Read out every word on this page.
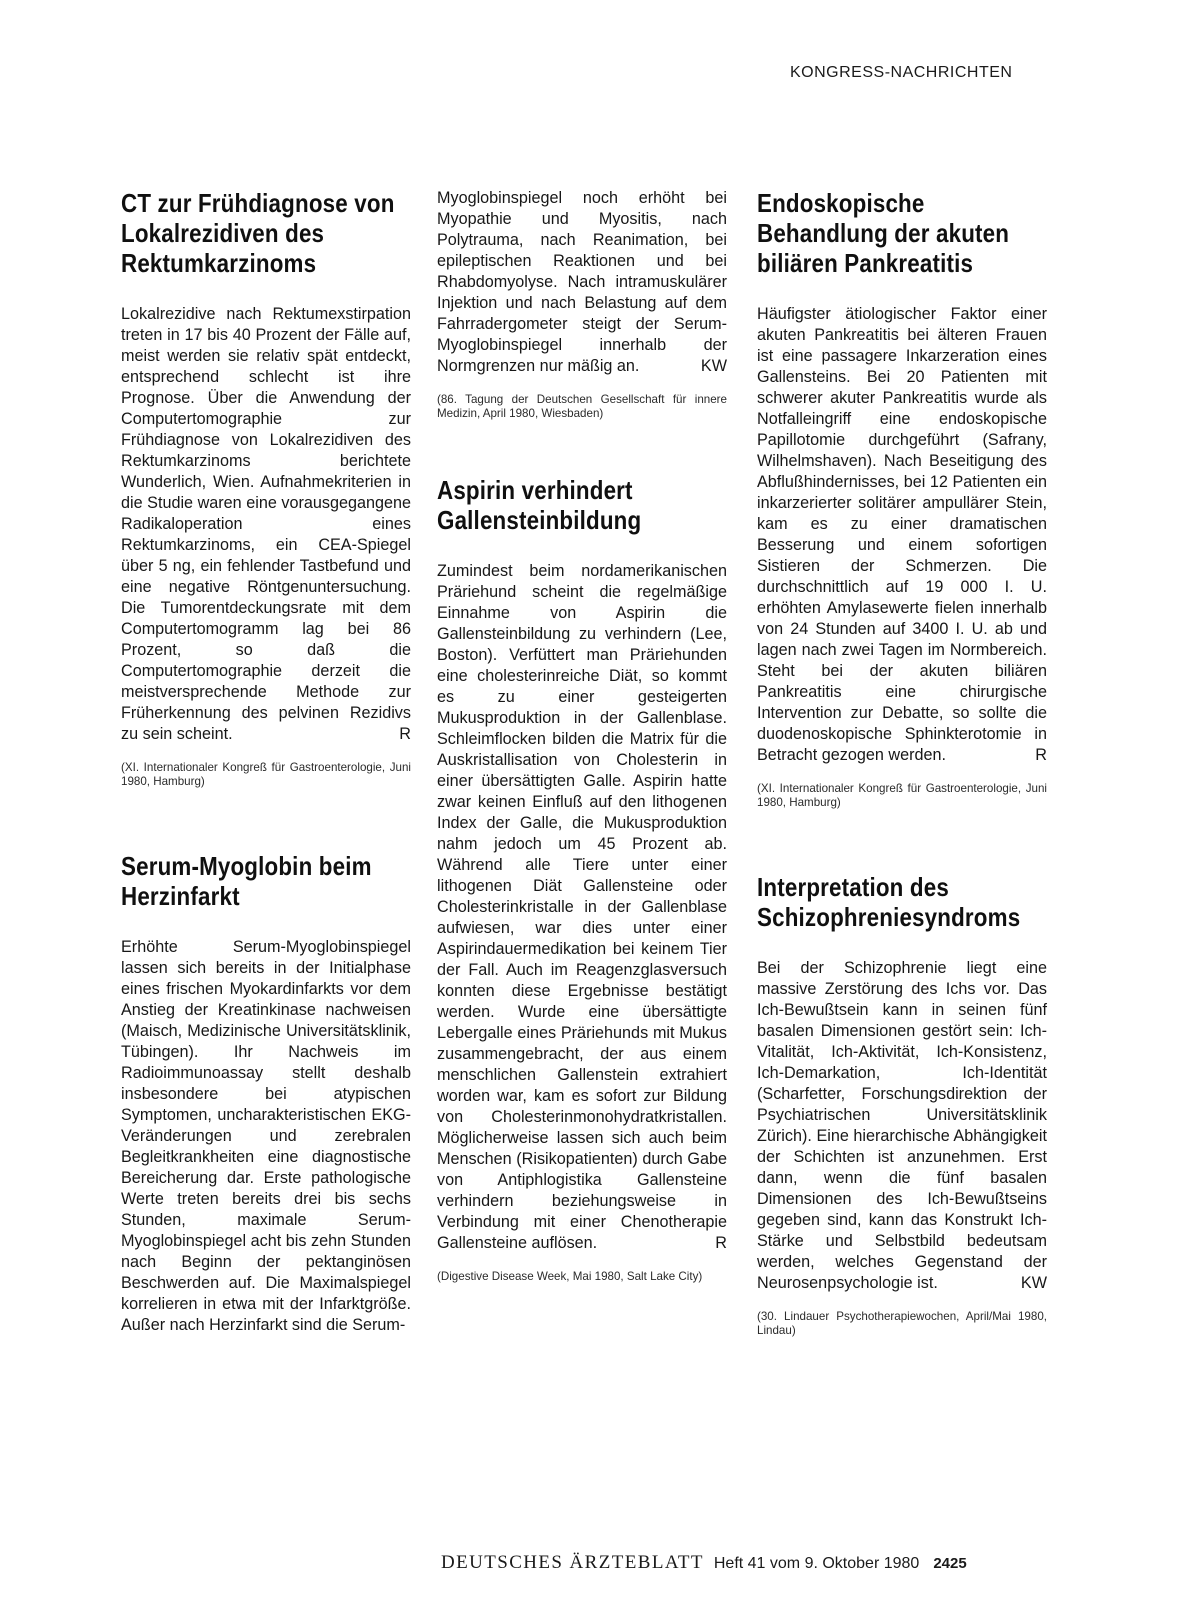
KONGRESS-NACHRICHTEN
CT zur Frühdiagnose von Lokalrezidiven des Rektumkarzinoms

Lokalrezidive nach Rektumexstirpation treten in 17 bis 40 Prozent der Fälle auf, meist werden sie relativ spät entdeckt, entsprechend schlecht ist ihre Prognose. Über die Anwendung der Computertomographie zur Frühdiagnose von Lokalrezidiven des Rektumkarzinoms berichtete Wunderlich, Wien. Aufnahmekriterien in die Studie waren eine vorausgegangene Radikaloperation eines Rektumkarzinoms, ein CEA-Spiegel über 5 ng, ein fehlender Tastbefund und eine negative Röntgenuntersuchung. Die Tumorentdeckungsrate mit dem Computertomogramm lag bei 86 Prozent, so daß die Computertomographie derzeit die meistversprechende Methode zur Früherkennung des pelvinen Rezidivs zu sein scheint.	R

(XI. Internationaler Kongreß für Gastroenterologie, Juni 1980, Hamburg)

Serum-Myoglobin beim Herzinfarkt

Erhöhte Serum-Myoglobinspiegel lassen sich bereits in der Initialphase eines frischen Myokardinfarkts vor dem Anstieg der Kreatinkinase nachweisen (Maisch, Medizinische Universitätsklinik, Tübingen). Ihr Nachweis im Radioimmunoassay stellt deshalb insbesondere bei atypischen Symptomen, uncharakteristischen EKG-Veränderungen und zerebralen Begleitkrankheiten eine diagnostische Bereicherung dar. Erste pathologische Werte treten bereits drei bis sechs Stunden, maximale Serum-Myoglobinspiegel acht bis zehn Stunden nach Beginn der pektanginösen Beschwerden auf. Die Maximalspiegel korrelieren in etwa mit der Infarktgröße. Außer nach Herzinfarkt sind die Serum-

Myoglobinspiegel noch erhöht bei Myopathie und Myositis, nach Polytrauma, nach Reanimation, bei epileptischen Reaktionen und bei Rhabdomyolyse. Nach intramuskulärer Injektion und nach Belastung auf dem Fahrradergometer steigt der Serum-Myoglobinspiegel innerhalb der Normgrenzen nur mäßig an.	KW

(86. Tagung der Deutschen Gesellschaft für innere Medizin, April 1980, Wiesbaden)

Aspirin verhindert Gallensteinbildung

Zumindest beim nordamerikanischen Präriehund scheint die regelmäßige Einnahme von Aspirin die Gallensteinbildung zu verhindern (Lee, Boston). Verfüttert man Präriehunden eine cholesterinreiche Diät, so kommt es zu einer gesteigerten Mukusproduktion in der Gallenblase. Schleimflocken bilden die Matrix für die Auskristallisation von Cholesterin in einer übersättigten Galle. Aspirin hatte zwar keinen Einfluß auf den lithogenen Index der Galle, die Mukusproduktion nahm jedoch um 45 Prozent ab. Während alle Tiere unter einer lithogenen Diät Gallensteine oder Cholesterinkristalle in der Gallenblase aufwiesen, war dies unter einer Aspirindauermedikation bei keinem Tier der Fall. Auch im Reagenzglasversuch konnten diese Ergebnisse bestätigt werden. Wurde eine übersättigte Lebergalle eines Präriehunds mit Mukus zusammengebracht, der aus einem menschlichen Gallenstein extrahiert worden war, kam es sofort zur Bildung von Cholesterinmonohydratkristallen. Möglicherweise lassen sich auch beim Menschen (Risikopatienten) durch Gabe von Antiphlogistika Gallensteine verhindern beziehungsweise in Verbindung mit einer Chenotherapie Gallensteine auflösen.	R

(Digestive Disease Week, Mai 1980, Salt Lake City)

Endoskopische Behandlung der akuten biliären Pankreatitis

Häufigster ätiologischer Faktor einer akuten Pankreatitis bei älteren Frauen ist eine passagere Inkarzeration eines Gallensteins. Bei 20 Patienten mit schwerer akuter Pankreatitis wurde als Notfalleingriff eine endoskopische Papillotomie durchgeführt (Safrany, Wilhelmshaven). Nach Beseitigung des Abflußhindernisses, bei 12 Patienten ein inkarzerierter solitärer ampullärer Stein, kam es zu einer dramatischen Besserung und einem sofortigen Sistieren der Schmerzen. Die durchschnittlich auf 19 000 I. U. erhöhten Amylasewerte fielen innerhalb von 24 Stunden auf 3400 I. U. ab und lagen nach zwei Tagen im Normbereich. Steht bei der akuten biliären Pankreatitis eine chirurgische Intervention zur Debatte, so sollte die duodenoskopische Sphinkterotomie in Betracht gezogen werden.	R

(XI. Internationaler Kongreß für Gastroenterologie, Juni 1980, Hamburg)

Interpretation des Schizophreniesyndroms

Bei der Schizophrenie liegt eine massive Zerstörung des Ichs vor. Das Ich-Bewußtsein kann in seinen fünf basalen Dimensionen gestört sein: Ich-Vitalität, Ich-Aktivität, Ich-Konsistenz, Ich-Demarkation, Ich-Identität (Scharfetter, Forschungsdirektion der Psychiatrischen Universitätsklinik Zürich). Eine hierarchische Abhängigkeit der Schichten ist anzunehmen. Erst dann, wenn die fünf basalen Dimensionen des Ich-Bewußtseins gegeben sind, kann das Konstrukt Ich-Stärke und Selbstbild bedeutsam werden, welches Gegenstand der Neurosenpsychologie ist.	KW

(30. Lindauer Psychotherapiewochen, April/Mai 1980, Lindau)

DEUTSCHES ÄRZTEBLATT Heft 41 vom 9. Oktober 1980 2425
